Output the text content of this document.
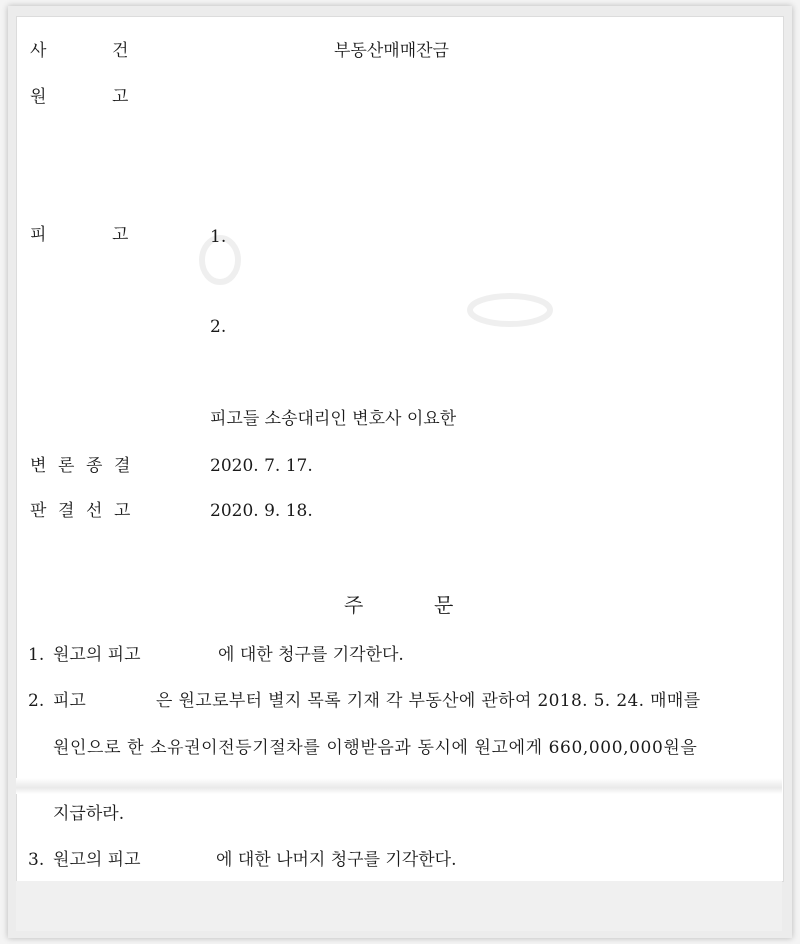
사	건	부동산매매잔금
원	고
피	고	1.
2.
피고들 소송대리인 변호사 이요한
변 론 종 결	2020. 7. 17.
판 결 선 고	2020. 9. 18.
주	문
1. 원고의 피고	에 대한 청구를 기각한다.
2. 피고	은 원고로부터 별지 목록 기재 각 부동산에 관하여 2018. 5. 24. 매매를
원인으로 한 소유권이전등기절차를 이행받음과 동시에 원고에게 660,000,000원을
지급하라.
3. 원고의 피고	에 대한 나머지 청구를 기각한다.
